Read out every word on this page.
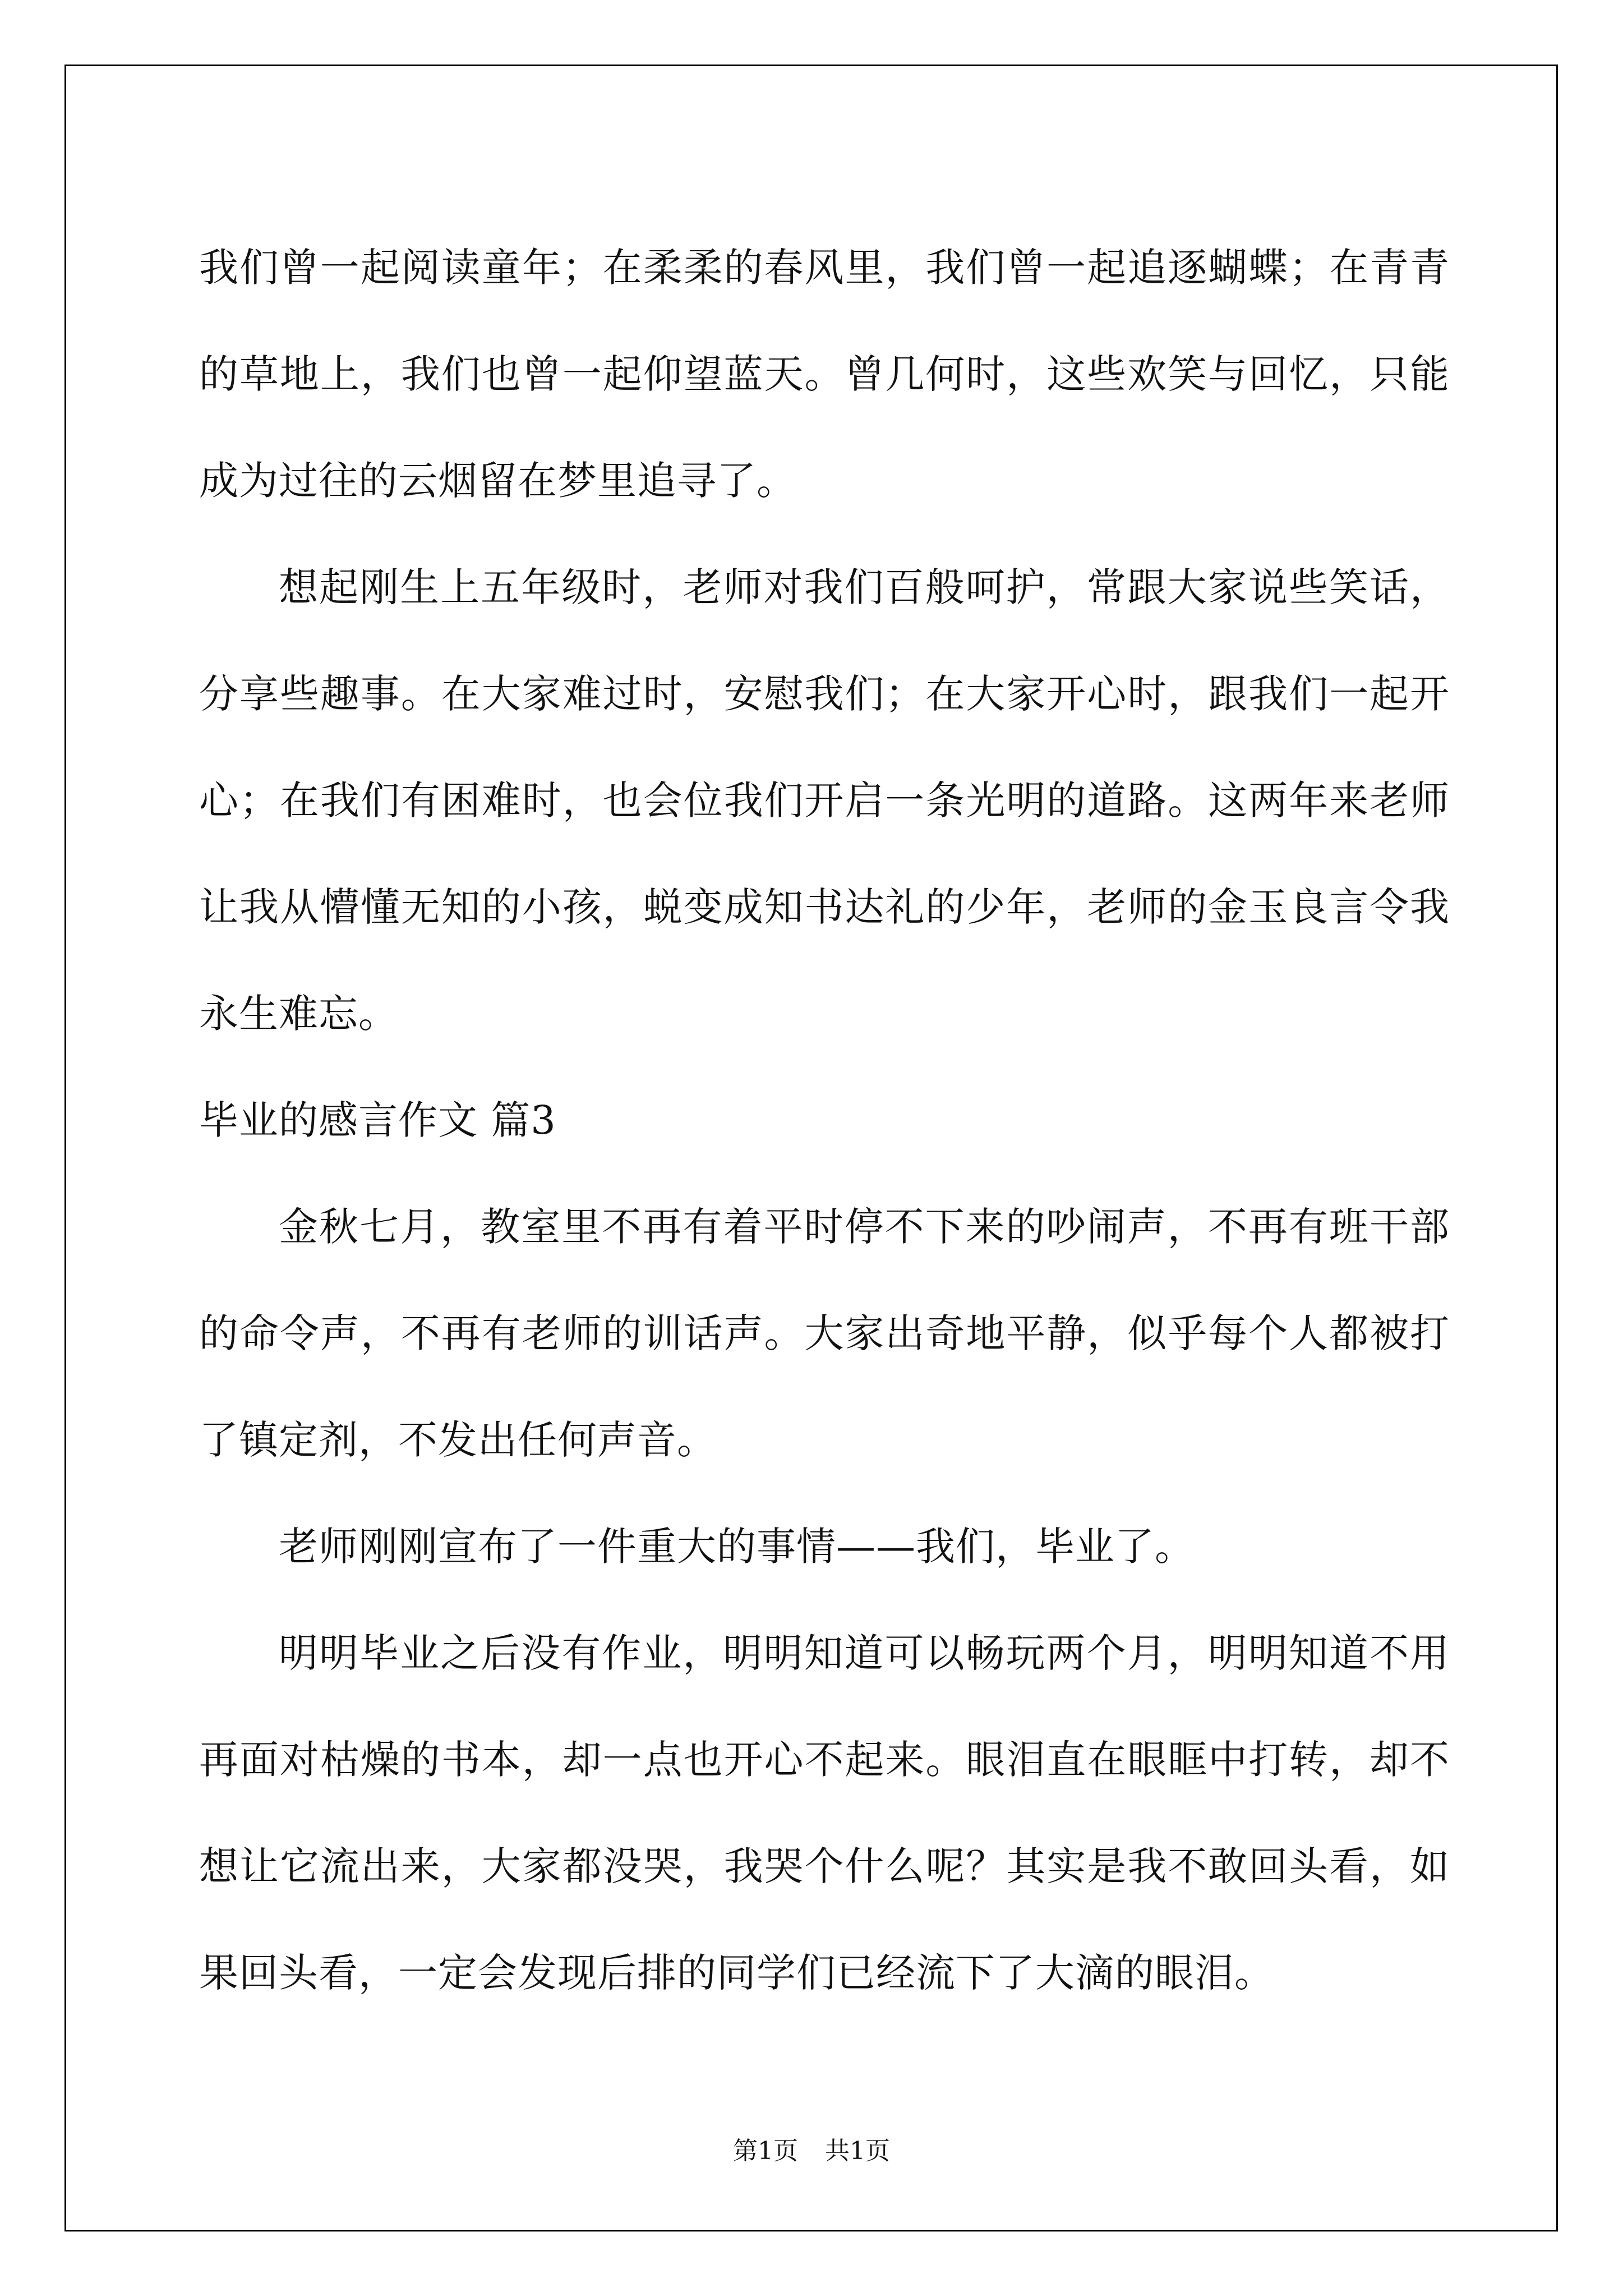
我们曾一起阅读童年；在柔柔的春风里，我们曾一起追逐蝴蝶；在青青的草地上，我们也曾一起仰望蓝天。曾几何时，这些欢笑与回忆，只能成为过往的云烟留在梦里追寻了。

想起刚生上五年级时，老师对我们百般呵护，常跟大家说些笑话，分享些趣事。在大家难过时，安慰我们；在大家开心时，跟我们一起开心；在我们有困难时，也会位我们开启一条光明的道路。这两年来老师让我从懵懂无知的小孩，蜕变成知书达礼的少年，老师的金玉良言令我永生难忘。

毕业的感言作文 篇3

金秋七月，教室里不再有着平时停不下来的吵闹声，不再有班干部的命令声，不再有老师的训话声。大家出奇地平静，似乎每个人都被打了镇定剂，不发出任何声音。

老师刚刚宣布了一件重大的事情——我们，毕业了。

明明毕业之后没有作业，明明知道可以畅玩两个月，明明知道不用再面对枯燥的书本，却一点也开心不起来。眼泪直在眼眶中打转，却不想让它流出来，大家都没哭，我哭个什么呢？其实是我不敢回头看，如果回头看，一定会发现后排的同学们已经流下了大滴的眼泪。

第1页 共1页
